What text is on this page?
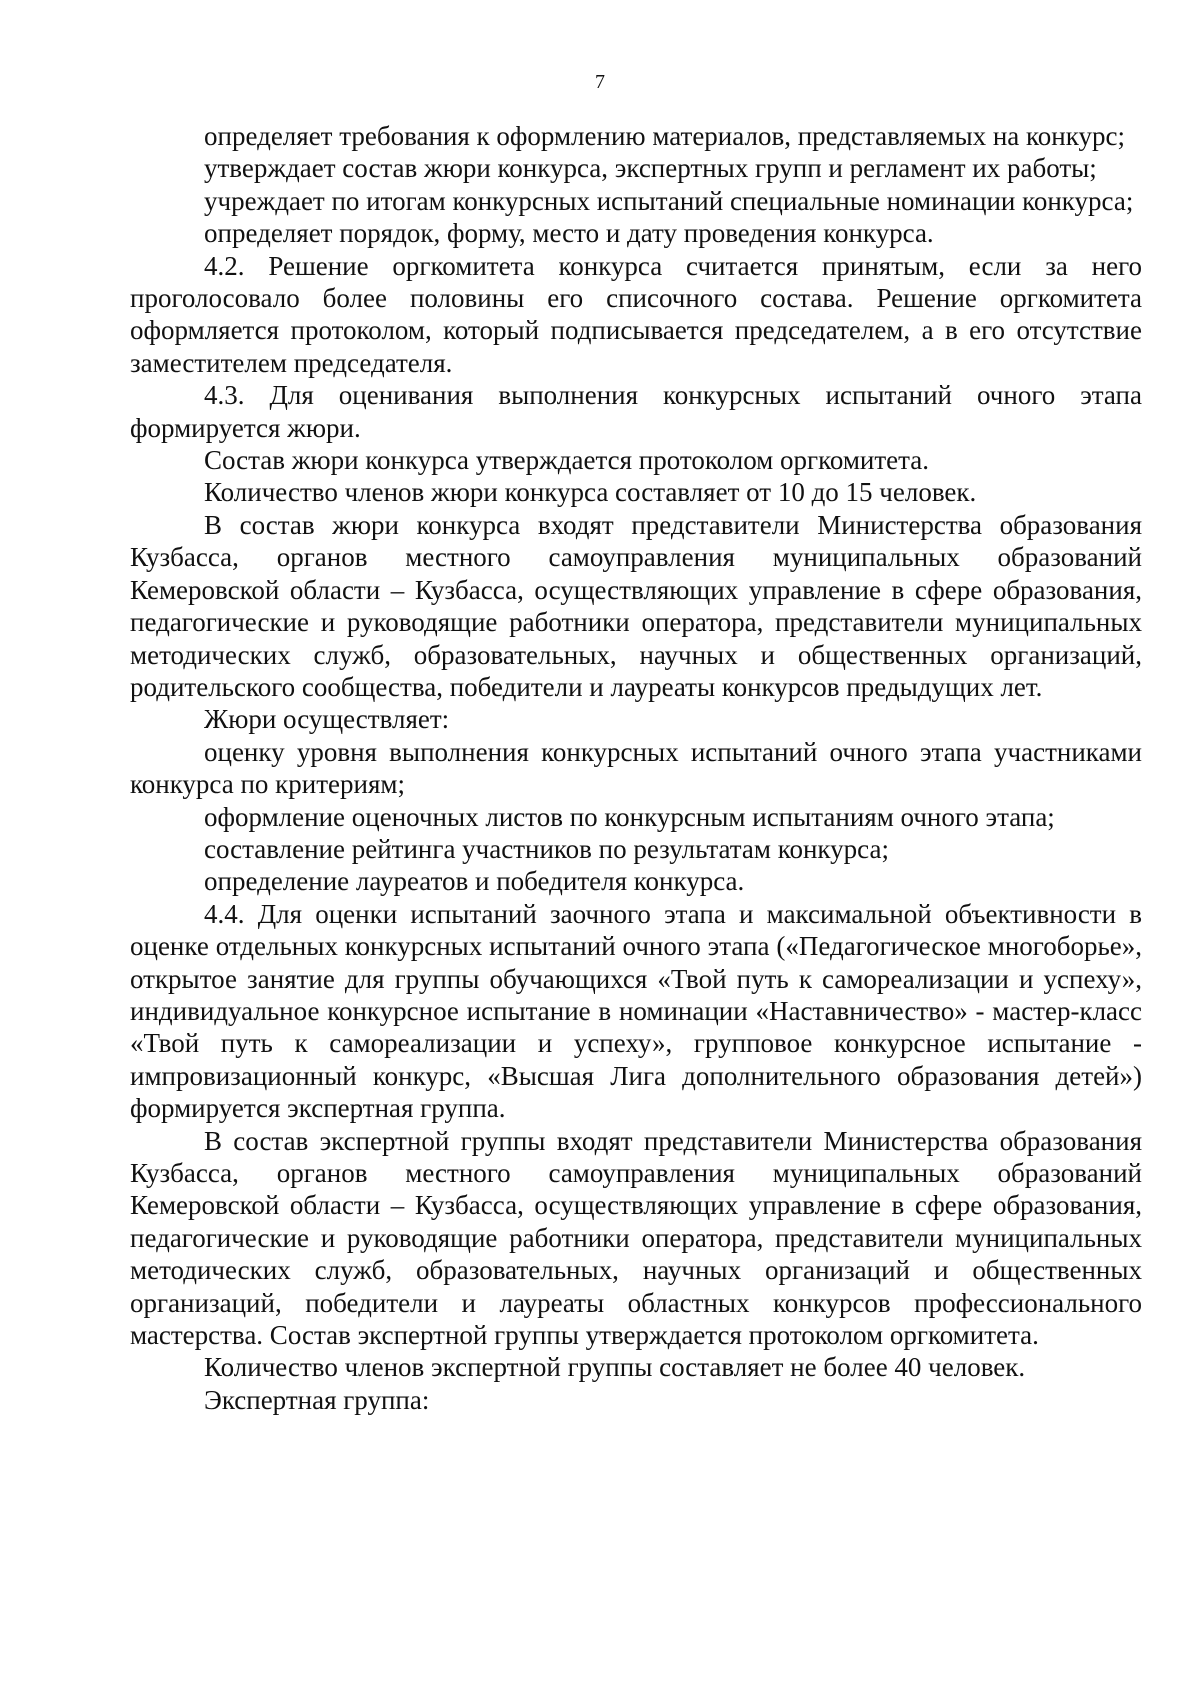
7

определяет требования к оформлению материалов, представляемых на конкурс;

утверждает состав жюри конкурса, экспертных групп и регламент их работы;

учреждает по итогам конкурсных испытаний специальные номинации конкурса;

определяет порядок, форму, место и дату проведения конкурса.

4.2. Решение оргкомитета конкурса считается принятым, если за него проголосовало более половины его списочного состава. Решение оргкомитета оформляется протоколом, который подписывается председателем, а в его отсутствие заместителем председателя.

4.3. Для оценивания выполнения конкурсных испытаний очного этапа формируется жюри.

Состав жюри конкурса утверждается протоколом оргкомитета.

Количество членов жюри конкурса составляет от 10 до 15 человек.

В состав жюри конкурса входят представители Министерства образования Кузбасса, органов местного самоуправления муниципальных образований Кемеровской области – Кузбасса, осуществляющих управление в сфере образования, педагогические и руководящие работники оператора, представители муниципальных методических служб, образовательных, научных и общественных организаций, родительского сообщества, победители и лауреаты конкурсов предыдущих лет.

Жюри осуществляет:

оценку уровня выполнения конкурсных испытаний очного этапа участниками конкурса по критериям;

оформление оценочных листов по конкурсным испытаниям очного этапа;

составление рейтинга участников по результатам конкурса;

определение лауреатов и победителя конкурса.

4.4. Для оценки испытаний заочного этапа и максимальной объективности в оценке отдельных конкурсных испытаний очного этапа («Педагогическое многоборье», открытое занятие для группы обучающихся «Твой путь к самореализации и успеху», индивидуальное конкурсное испытание в номинации «Наставничество» - мастер-класс «Твой путь к самореализации и успеху», групповое конкурсное испытание - импровизационный конкурс, «Высшая Лига дополнительного образования детей») формируется экспертная группа.

В состав экспертной группы входят представители Министерства образования Кузбасса, органов местного самоуправления муниципальных образований Кемеровской области – Кузбасса, осуществляющих управление в сфере образования, педагогические и руководящие работники оператора, представители муниципальных методических служб, образовательных, научных организаций и общественных организаций, победители и лауреаты областных конкурсов профессионального мастерства. Состав экспертной группы утверждается протоколом оргкомитета.

Количество членов экспертной группы составляет не более 40 человек.

Экспертная группа:
